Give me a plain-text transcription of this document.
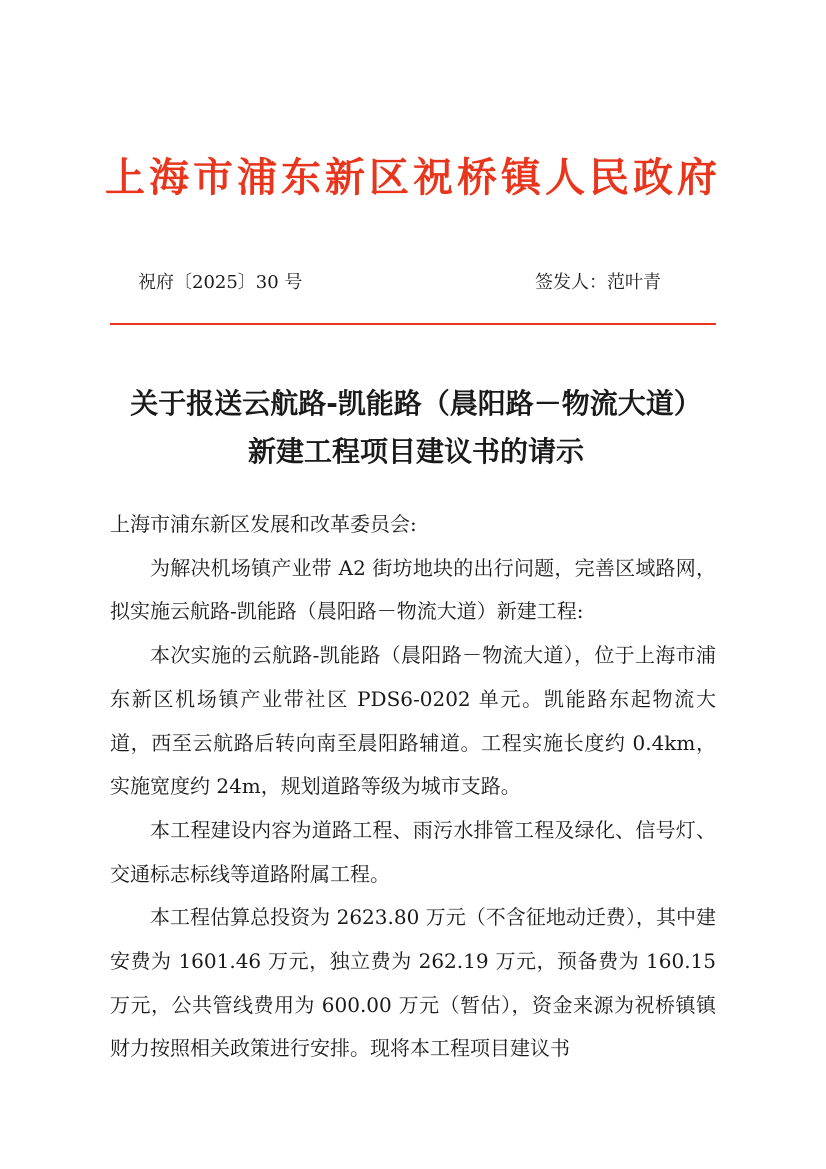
上海市浦东新区祝桥镇人民政府
祝府〔2025〕30 号	签发人：范叶青
关于报送云航路-凯能路（晨阳路－物流大道）
新建工程项目建议书的请示

上海市浦东新区发展和改革委员会:

为解决机场镇产业带 A2 街坊地块的出行问题，完善区域路网，拟实施云航路-凯能路（晨阳路－物流大道）新建工程:

本次实施的云航路-凯能路（晨阳路－物流大道），位于上海市浦东新区机场镇产业带社区 PDS6-0202 单元。凯能路东起物流大道，西至云航路后转向南至晨阳路辅道。工程实施长度约 0.4km，实施宽度约 24m，规划道路等级为城市支路。

本工程建设内容为道路工程、雨污水排管工程及绿化、信号灯、交通标志标线等道路附属工程。

本工程估算总投资为 2623.80 万元（不含征地动迁费），其中建安费为 1601.46 万元，独立费为 262.19 万元，预备费为 160.15 万元，公共管线费用为 600.00 万元（暂估），资金来源为祝桥镇镇财力按照相关政策进行安排。现将本工程项目建议书
